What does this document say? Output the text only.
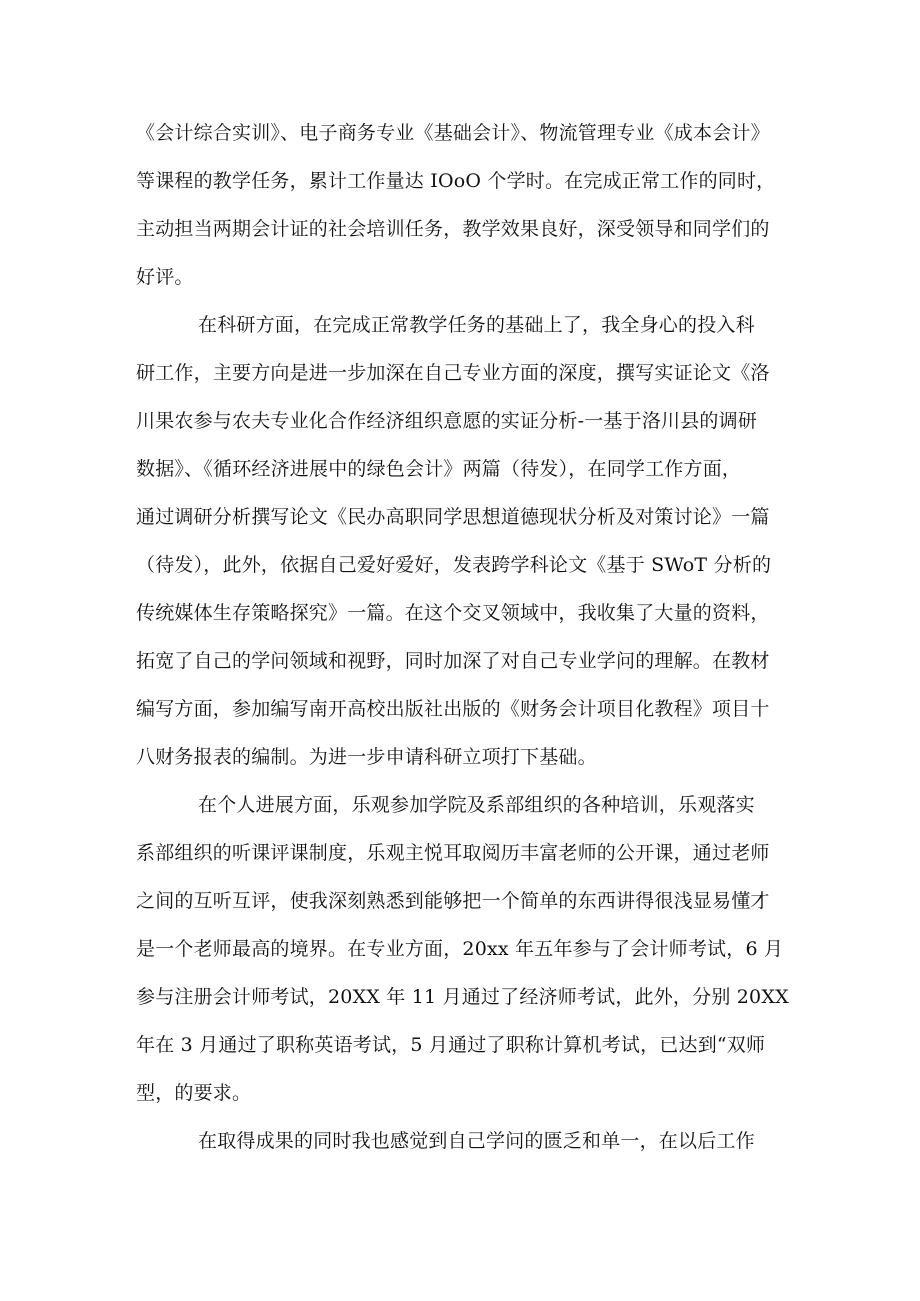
《会计综合实训》、电子商务专业《基础会计》、物流管理专业《成本会计》
等课程的教学任务，累计工作量达 IOoO 个学时。在完成正常工作的同时，
主动担当两期会计证的社会培训任务，教学效果良好，深受领导和同学们的
好评。
在科研方面，在完成正常教学任务的基础上了，我全身心的投入科
研工作，主要方向是进一步加深在自己专业方面的深度，撰写实证论文《洛
川果农参与农夫专业化合作经济组织意愿的实证分析-一基于洛川县的调研
数据》、《循环经济进展中的绿色会计》两篇（待发），在同学工作方面，
通过调研分析撰写论文《民办高职同学思想道德现状分析及对策讨论》一篇
（待发），此外，依据自己爱好爱好，发表跨学科论文《基于 SWoT 分析的
传统媒体生存策略探究》一篇。在这个交叉领域中，我收集了大量的资料，
拓宽了自己的学问领域和视野，同时加深了对自己专业学问的理解。在教材
编写方面，参加编写南开高校出版社出版的《财务会计项目化教程》项目十
八财务报表的编制。为进一步申请科研立项打下基础。
在个人进展方面，乐观参加学院及系部组织的各种培训，乐观落实
系部组织的听课评课制度，乐观主悦耳取阅历丰富老师的公开课，通过老师
之间的互听互评，使我深刻熟悉到能够把一个简单的东西讲得很浅显易懂才
是一个老师最高的境界。在专业方面，20xx 年五年参与了会计师考试，6 月
参与注册会计师考试，20XX 年 11 月通过了经济师考试，此外，分别 20XX
年在 3 月通过了职称英语考试，5 月通过了职称计算机考试，已达到“双师
型，的要求。
在取得成果的同时我也感觉到自己学问的匮乏和单一，在以后工作
